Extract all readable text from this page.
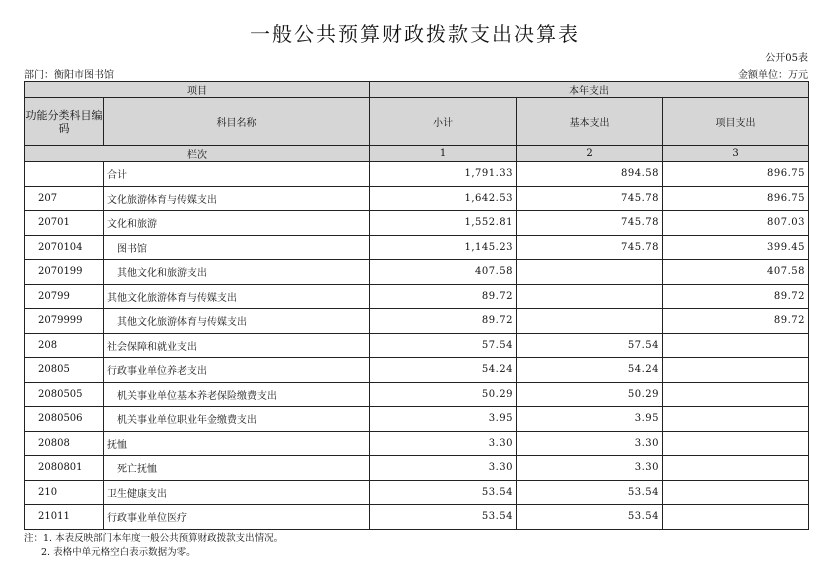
一般公共预算财政拨款支出决算表
公开05表
部门：衡阳市图书馆	金额单位：万元
项目		本年支出		
功能分类科目编码	科目名称	小计	基本支出	项目支出
栏次		1	2	3
	合计	1,791.33	894.58	896.75
207	文化旅游体育与传媒支出	1,642.53	745.78	896.75
20701	文化和旅游	1,552.81	745.78	807.03
2070104	图书馆	1,145.23	745.78	399.45
2070199	其他文化和旅游支出	407.58		407.58
20799	其他文化旅游体育与传媒支出	89.72		89.72
2079999	其他文化旅游体育与传媒支出	89.72		89.72
208	社会保障和就业支出	57.54	57.54	
20805	行政事业单位养老支出	54.24	54.24	
2080505	机关事业单位基本养老保险缴费支出	50.29	50.29	
2080506	机关事业单位职业年金缴费支出	3.95	3.95	
20808	抚恤	3.30	3.30	
2080801	死亡抚恤	3.30	3.30	
210	卫生健康支出	53.54	53.54	
21011	行政事业单位医疗	53.54	53.54	
注：1. 本表反映部门本年度一般公共预算财政拨款支出情况。
2. 表格中单元格空白表示数据为零。
